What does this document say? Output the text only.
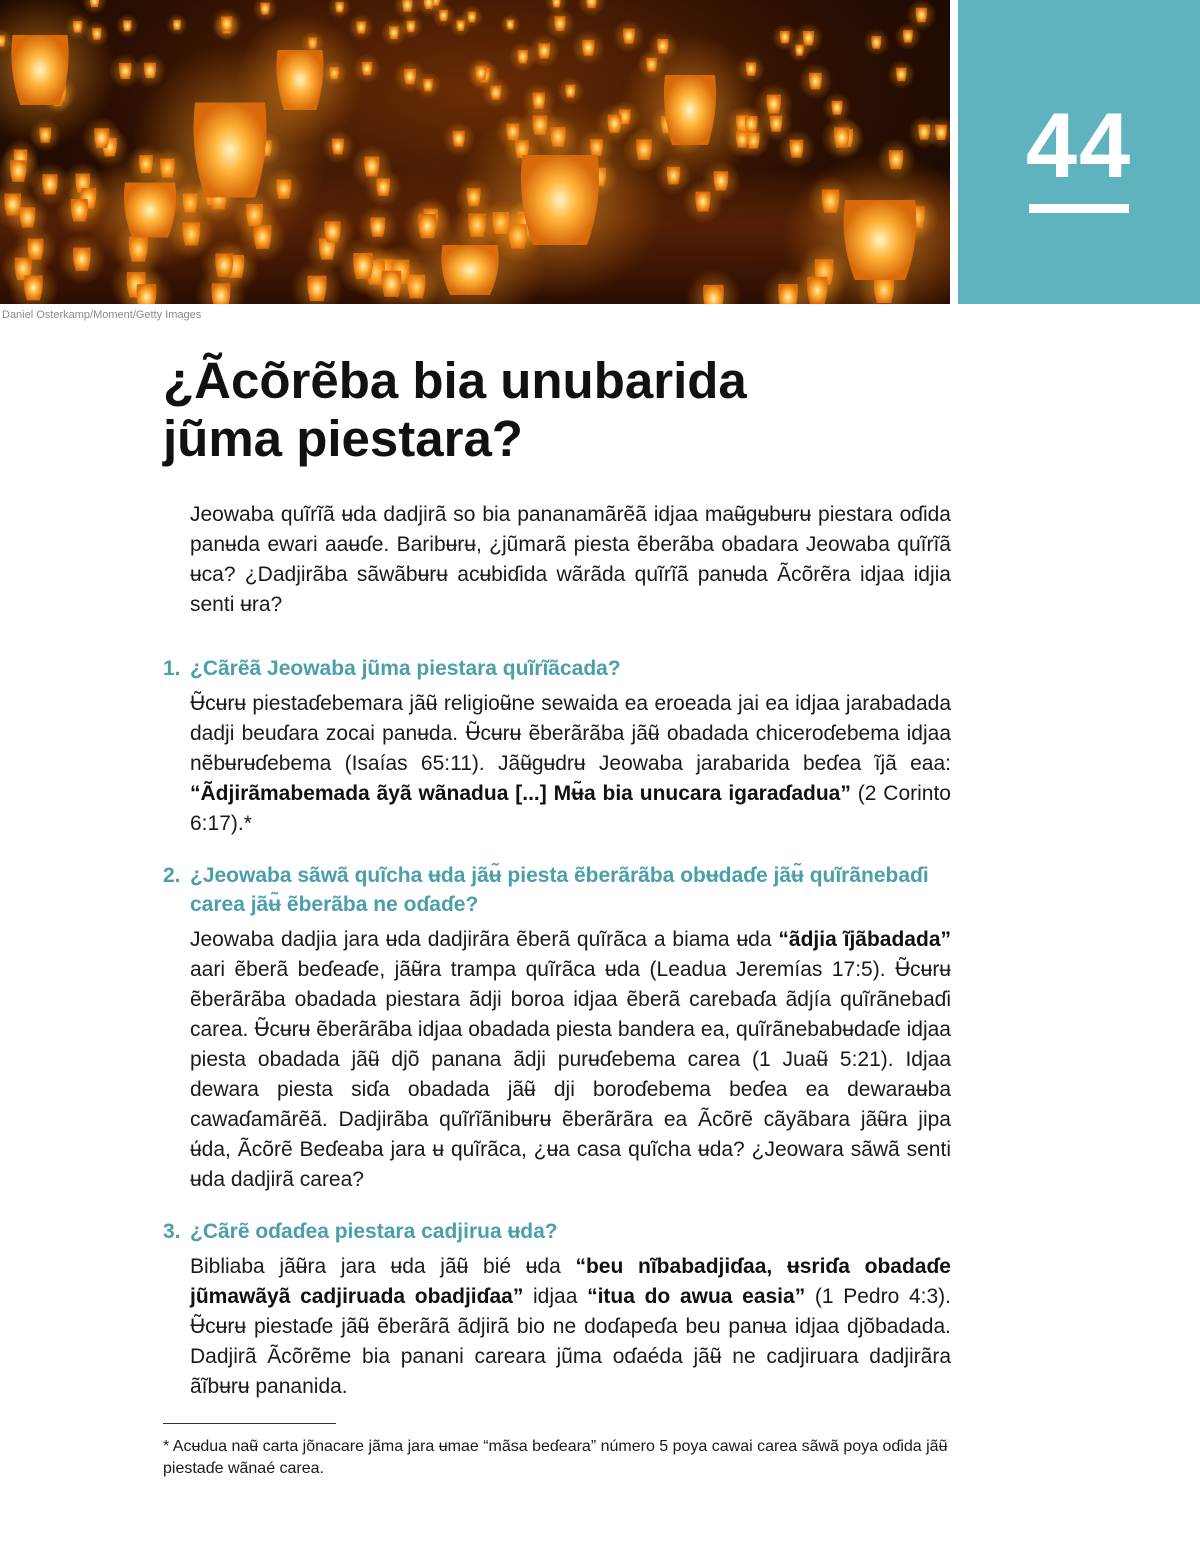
44
Daniel Osterkamp/Moment/Getty Images
¿Ãcõrẽba bia unubarida
jũma piestara?

Jeowaba quĩrĩã ʉda dadjirã so bia pananamãrẽã idjaa maʉ̃gʉbʉrʉ piestara oɗida panʉda ewari aaʉɗe. Baribʉrʉ, ¿jũmarã piesta ẽberãba obadara Jeowaba quĩrĩã ʉca? ¿Dadjirãba sãwãbʉrʉ acʉbiɗida wãrãda quĩrĩã panʉda Ãcõrẽra idjaa idjia senti ʉra?

1. ¿Cãrẽã Jeowaba jũma piestara quĩrĩãcada?

Ʉ̃cʉrʉ piestaɗebemara jãʉ̃ religioʉ̃ne sewaida ea eroeada jai ea idjaa jarabadada dadji beuɗara zocai panʉda. Ʉ̃cʉrʉ ẽberãrãba jãʉ̃ obadada chiceroɗebema idjaa nẽbʉrʉɗebema (Isaías 65:11). Jãʉ̃gʉdrʉ Jeowaba jarabarida beɗea ĩjã eaa: “Ãdjirãmabemada ãyã wãnadua [...] Mʉ̃a bia unucara igaraɗadua” (2 Corinto 6:17).*

2. ¿Jeowaba sãwã quĩcha ʉda jãʉ̃ piesta ẽberãrãba obʉdaɗe jãʉ̃ quĩrãnebaɗi carea jãʉ̃ ẽberãba ne oɗaɗe?

Jeowaba dadjia jara ʉda dadjirãra ẽberã quĩrãca a biama ʉda “ãdjia ĩjãbadada” aari ẽberã beɗeaɗe, jãʉ̃ra trampa quĩrãca ʉda (Leadua Jeremías 17:5). Ʉ̃cʉrʉ ẽberãrãba obadada piestara ãdji boroa idjaa ẽberã carebaɗa ãdjía quĩrãnebaɗi carea. Ʉ̃cʉrʉ ẽberãrãba idjaa obadada piesta bandera ea, quĩrãnebabʉdaɗe idjaa piesta obadada jãʉ̃ djõ panana ãdji purʉɗebema carea (1 Juaʉ̃ 5:21). Idjaa dewara piesta siɗa obadada jãʉ̃ dji boroɗebema beɗea ea dewaraʉba cawaɗamãrẽã. Dadjirãba quĩrĩãnibʉrʉ ẽberãrãra ea Ãcõrẽ cãyãbara jãʉ̃ra jipa ʉ́da, Ãcõrẽ Beɗeaba jara ʉ quĩrãca, ¿ʉa casa quĩcha ʉda? ¿Jeowara sãwã senti ʉda dadjirã carea?

3. ¿Cãrẽ oɗaɗea piestara cadjirua ʉda?

Bibliaba jãʉ̃ra jara ʉda jãʉ̃ bié ʉda “beu nĩbabadjiɗaa, ʉsriɗa obadaɗe jũmawãyã cadjiruada obadjiɗaa” idjaa “itua do awua easia” (1 Pedro 4:3). Ʉ̃cʉrʉ piestaɗe jãʉ̃ ẽberãrã ãdjirã bio ne doɗapeɗa beu panʉa idjaa djõbadada. Dadjirã Ãcõrẽme bia panani careara jũma oɗaéda jãʉ̃ ne cadjiruara dadjirãra ãĩbʉrʉ pananida.

* Acʉdua naʉ̃ carta jõnacare jãma jara ʉmae “mãsa beɗeara” número 5 poya cawai carea sãwã poya oɗida jãʉ̃ piestaɗe wãnaé carea.
